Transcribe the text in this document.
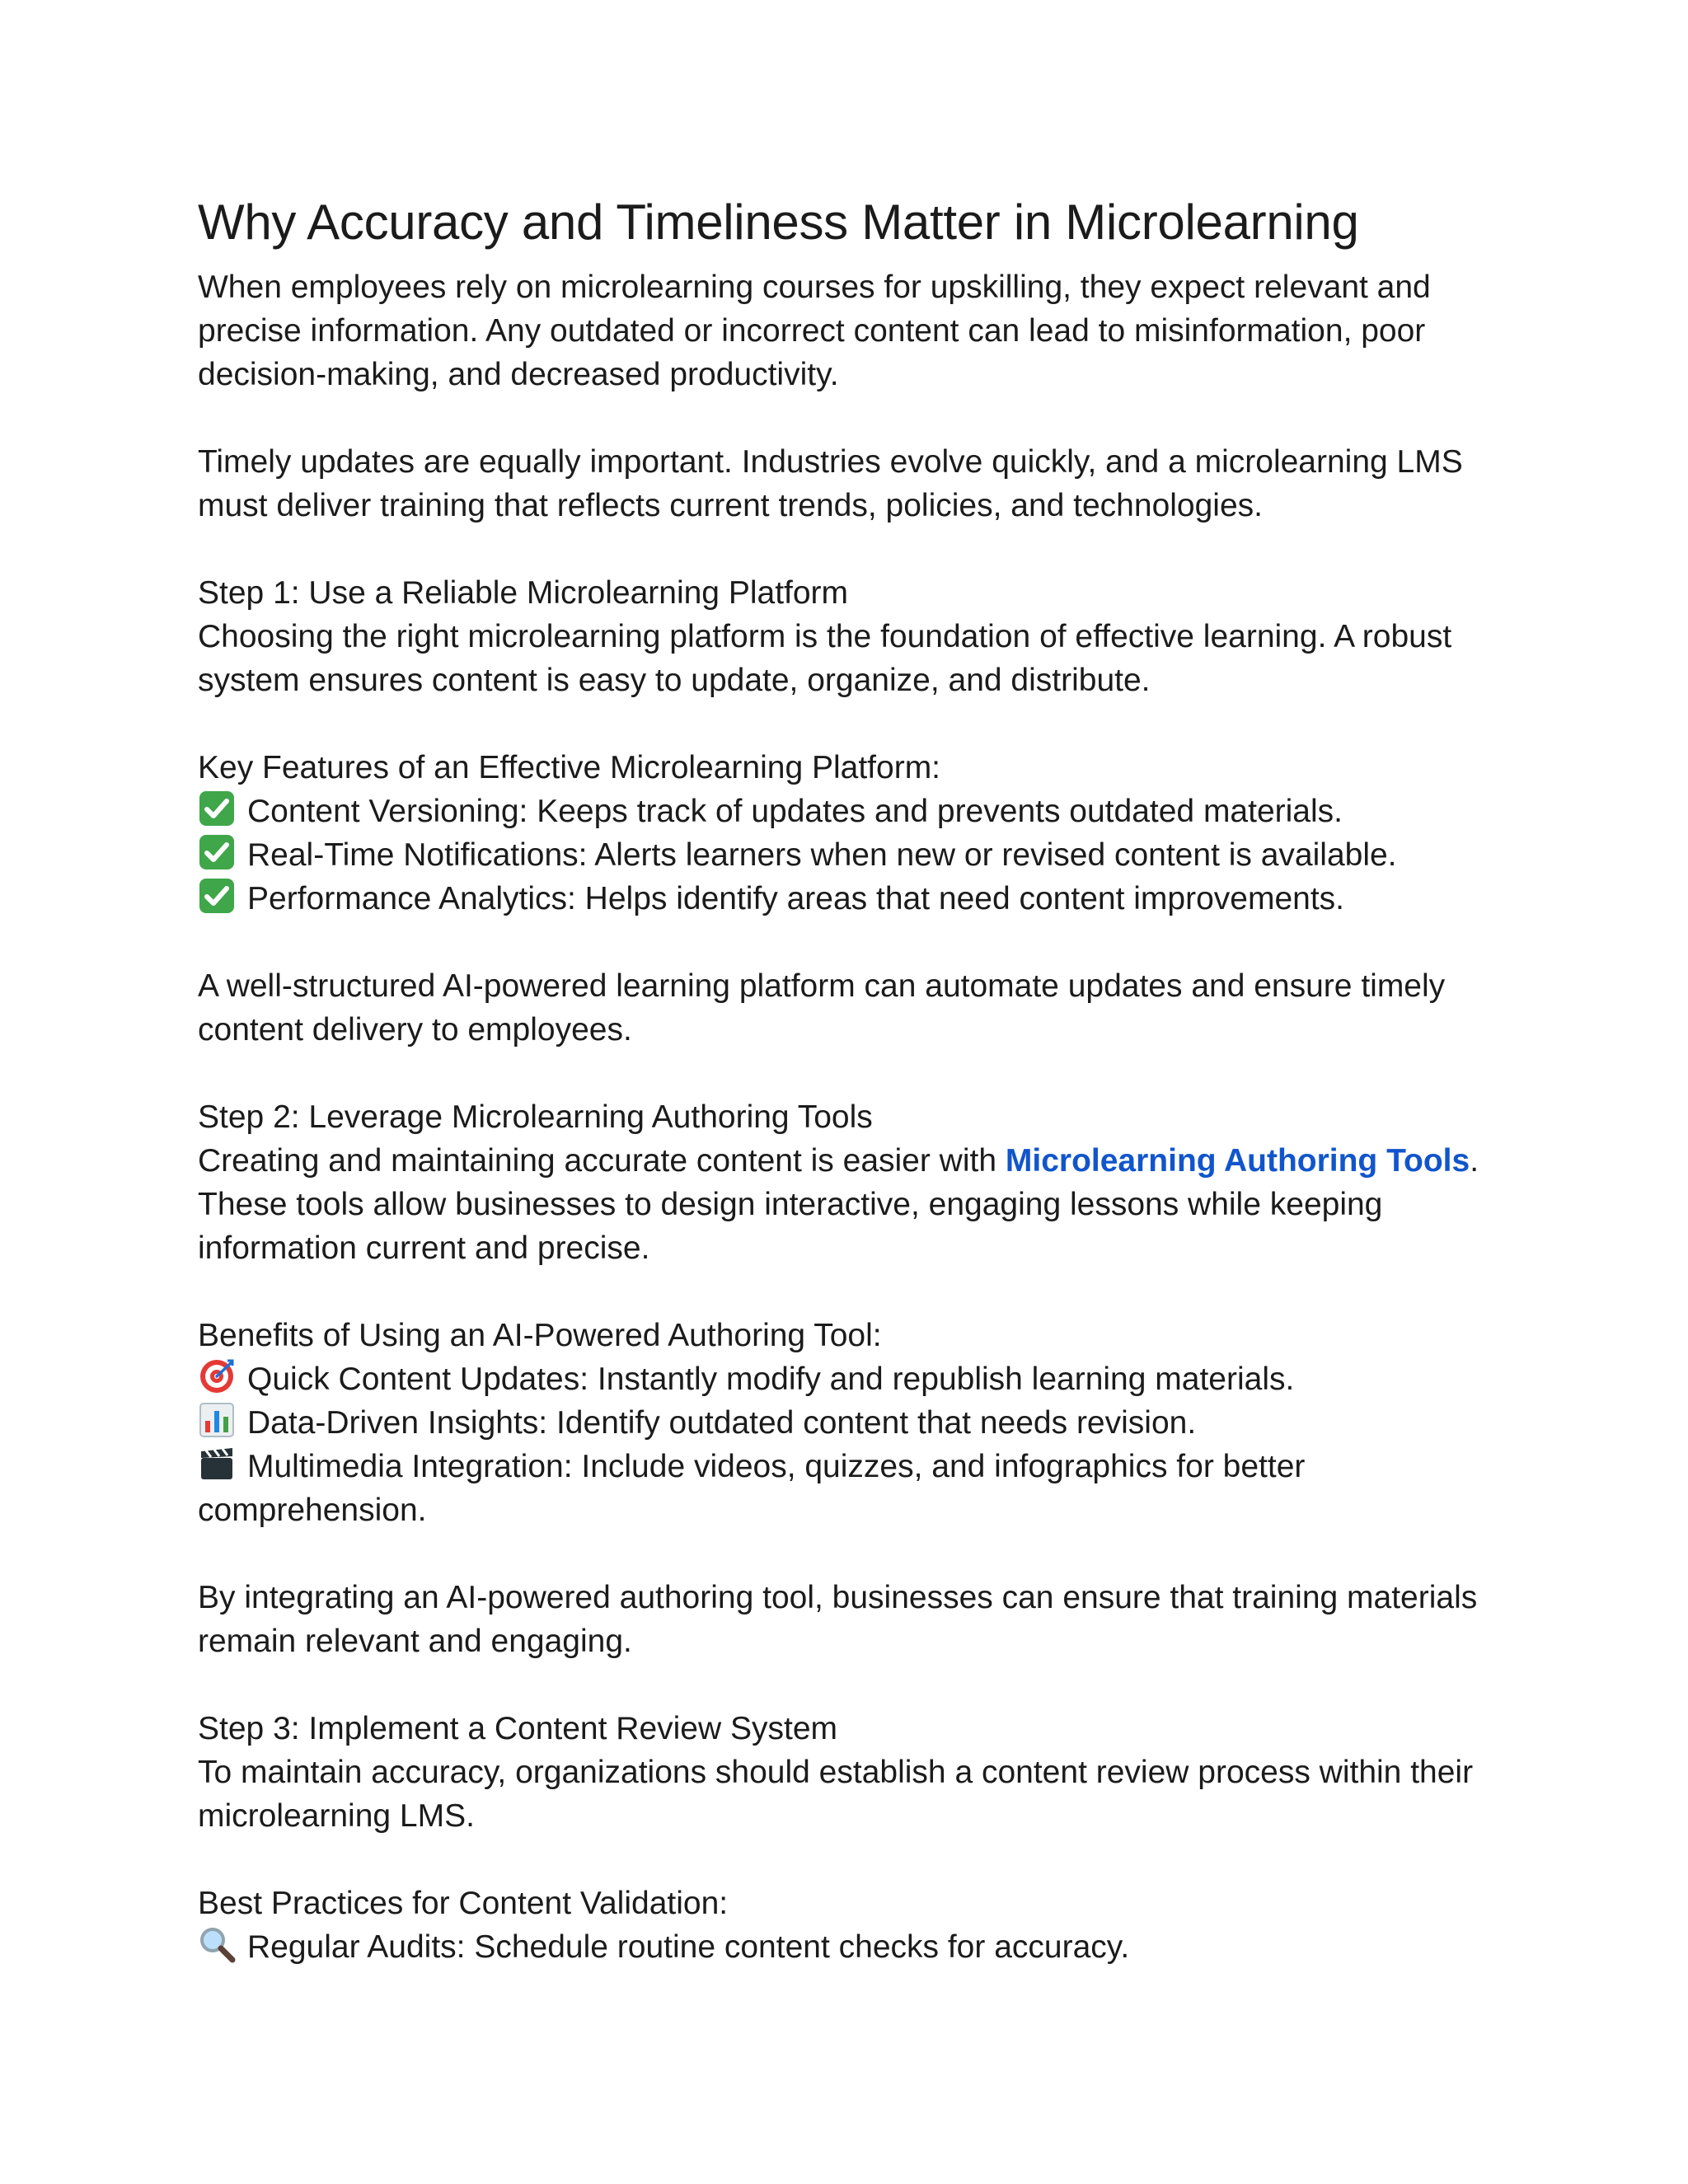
Why Accuracy and Timeliness Matter in Microlearning

When employees rely on microlearning courses for upskilling, they expect relevant and precise information. Any outdated or incorrect content can lead to misinformation, poor decision-making, and decreased productivity.

Timely updates are equally important. Industries evolve quickly, and a microlearning LMS must deliver training that reflects current trends, policies, and technologies.

Step 1: Use a Reliable Microlearning Platform

Choosing the right microlearning platform is the foundation of effective learning. A robust system ensures content is easy to update, organize, and distribute.

Key Features of an Effective Microlearning Platform:

Content Versioning: Keeps track of updates and prevents outdated materials.

Real-Time Notifications: Alerts learners when new or revised content is available.

Performance Analytics: Helps identify areas that need content improvements.

A well-structured AI-powered learning platform can automate updates and ensure timely content delivery to employees.

Step 2: Leverage Microlearning Authoring Tools

Creating and maintaining accurate content is easier with Microlearning Authoring Tools. These tools allow businesses to design interactive, engaging lessons while keeping information current and precise.

Benefits of Using an AI-Powered Authoring Tool:

Quick Content Updates: Instantly modify and republish learning materials.

Data-Driven Insights: Identify outdated content that needs revision.

Multimedia Integration: Include videos, quizzes, and infographics for better comprehension.

By integrating an AI-powered authoring tool, businesses can ensure that training materials remain relevant and engaging.

Step 3: Implement a Content Review System

To maintain accuracy, organizations should establish a content review process within their microlearning LMS.

Best Practices for Content Validation:

Regular Audits: Schedule routine content checks for accuracy.
